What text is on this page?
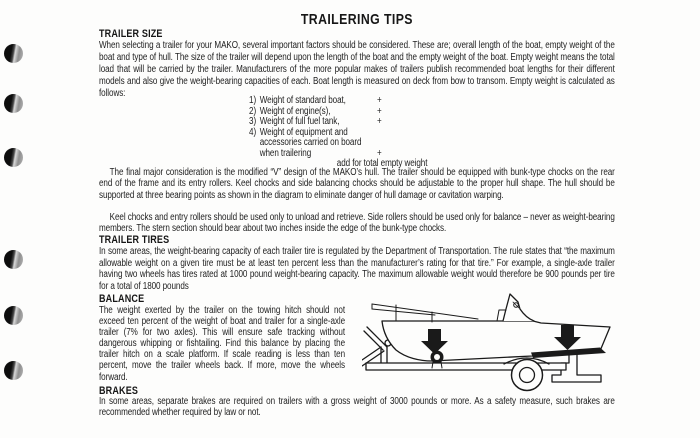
TRAILERING TIPS
TRAILER SIZE
When selecting a trailer for your MAKO, several important factors should be considered. These are; overall length of the boat, empty weight of the boat and type of hull. The size of the trailer will depend upon the length of the boat and the empty weight of the boat. Empty weight means the total load that will be carried by the trailer. Manufacturers of the more popular makes of trailers publish recommended boat lengths for their different models and also give the weight-bearing capacities of each. Boat length is measured on deck from bow to transom. Empty weight is calculated as follows:
1) Weight of standard boat,	+
2) Weight of engine(s),	+
3) Weight of full fuel tank,	+
4) Weight of equipment and accessories carried on board when trailering	+
add for total empty weight
The final major consideration is the modified “V” design of the MAKO’s hull. The trailer should be equipped with bunk-type chocks on the rear end of the frame and its entry rollers. Keel chocks and side balancing chocks should be adjustable to the proper hull shape. The hull should be supported at three bearing points as shown in the diagram to eliminate danger of hull damage or cavitation warping.
Keel chocks and entry rollers should be used only to unload and retrieve. Side rollers should be used only for balance – never as weight-bearing members. The stern section should bear about two inches inside the edge of the bunk-type chocks.
TRAILER TIRES
In some areas, the weight-bearing capacity of each trailer tire is regulated by the Department of Transportation. The rule states that “the maximum allowable weight on a given tire must be at least ten percent less than the manufacturer’s rating for that tire.” For example, a single-axle trailer having two wheels has tires rated at 1000 pound weight-bearing capacity. The maximum allowable weight would therefore be 900 pounds per tire for a total of 1800 pounds
BALANCE
The weight exerted by the trailer on the towing hitch should not exceed ten percent of the weight of boat and trailer for a single-axle trailer (7% for two axles). This will ensure safe tracking without dangerous whipping or fishtailing. Find this balance by placing the trailer hitch on a scale platform. If scale reading is less than ten percent, move the trailer wheels back. If more, move the wheels forward.
BRAKES
In some areas, separate brakes are required on trailers with a gross weight of 3000 pounds or more. As a safety measure, such brakes are recommended whether required by law or not.
